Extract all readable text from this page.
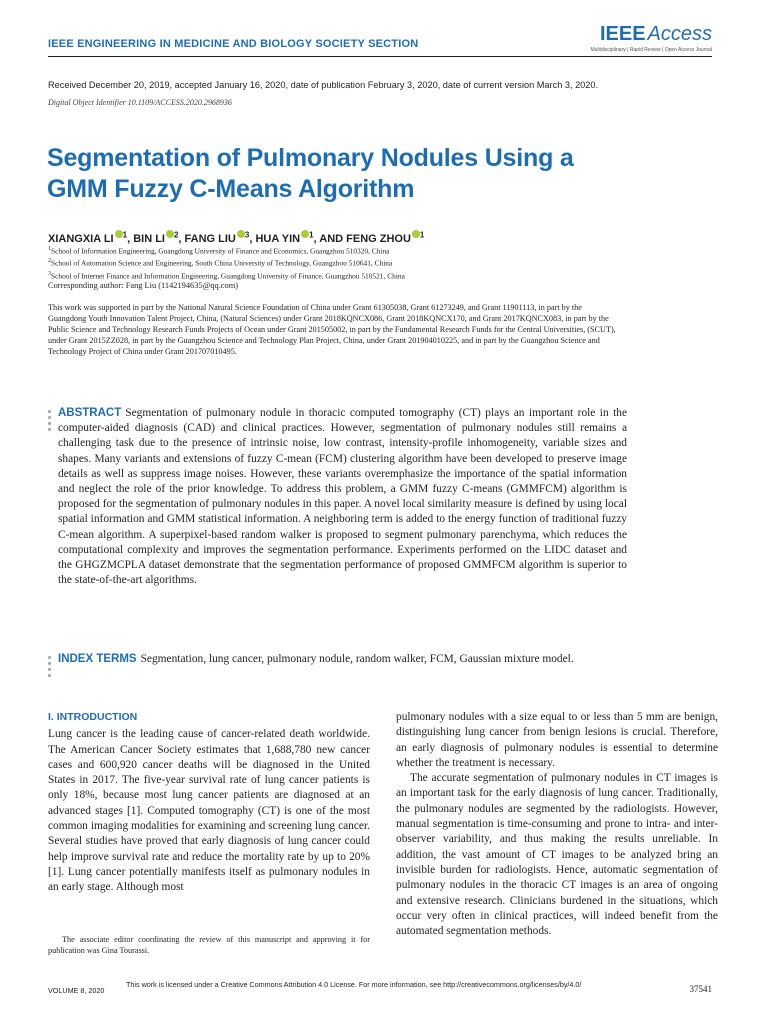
IEEE ENGINEERING IN MEDICINE AND BIOLOGY SOCIETY SECTION	IEEE Access
Multidisciplinary | Rapid Review | Open Access Journal
Received December 20, 2019, accepted January 16, 2020, date of publication February 3, 2020, date of current version March 3, 2020.
Digital Object Identifier 10.1109/ACCESS.2020.2968936
Segmentation of Pulmonary Nodules Using a
GMM Fuzzy C-Means Algorithm
XIANGXIA LI $^1$, BIN LI $^2$, FANG LIU $^3$, HUA YIN $^1$, AND FENG ZHOU $^1$
$^1$School of Information Engineering, Guangdong University of Finance and Economics, Guangzhou 510320, China
$^2$School of Automation Science and Engineering, South China University of Technology, Guangzhou 510641, China
$^3$School of Internet Finance and Information Engineering, Guangdong University of Finance, Guangzhou 510521, China
Corresponding author: Fang Liu (1142194635@qq.com)
This work was supported in part by the National Natural Science Foundation of China under Grant 61305038, Grant 61273249, and Grant 11901113, in part by the Guangdong Youth Innovation Talent Project, China, (Natural Sciences) under Grant 2018KQNCX086, Grant 2018KQNCX170, and Grant 2017KQNCX083, in part by the Public Science and Technology Research Funds Projects of Ocean under Grant 201505002, in part by the Fundamental Research Funds for the Central Universities, (SCUT), under Grant 2015ZZ028, in part by the Guangzhou Science and Technology Plan Project, China, under Grant 201904010225, and in part by the Guangzhou Science and Technology Project of China under Grant 201707010495.
ABSTRACT Segmentation of pulmonary nodule in thoracic computed tomography (CT) plays an important role in the computer-aided diagnosis (CAD) and clinical practices. However, segmentation of pulmonary nodules still remains a challenging task due to the presence of intrinsic noise, low contrast, intensity-profile inhomogeneity, variable sizes and shapes. Many variants and extensions of fuzzy C-mean (FCM) clustering algorithm have been developed to preserve image details as well as suppress image noises. However, these variants overemphasize the importance of the spatial information and neglect the role of the prior knowledge. To address this problem, a GMM fuzzy C-means (GMMFCM) algorithm is proposed for the segmentation of pulmonary nodules in this paper. A novel local similarity measure is defined by using local spatial information and GMM statistical information. A neighboring term is added to the energy function of traditional fuzzy C-mean algorithm. A superpixel-based random walker is proposed to segment pulmonary parenchyma, which reduces the computational complexity and improves the segmentation performance. Experiments performed on the LIDC dataset and the GHGZMCPLA dataset demonstrate that the segmentation performance of proposed GMMFCM algorithm is superior to the state-of-the-art algorithms.
INDEX TERMS Segmentation, lung cancer, pulmonary nodule, random walker, FCM, Gaussian mixture model.
I. INTRODUCTION

Lung cancer is the leading cause of cancer-related death worldwide. The American Cancer Society estimates that 1,688,780 new cancer cases and 600,920 cancer deaths will be diagnosed in the United States in 2017. The five-year survival rate of lung cancer patients is only 18%, because most lung cancer patients are diagnosed at an advanced stages [1]. Computed tomography (CT) is one of the most common imaging modalities for examining and screening lung cancer. Several studies have proved that early diagnosis of lung cancer could help improve survival rate and reduce the mortality rate by up to 20% [1]. Lung cancer potentially manifests itself as pulmonary nodules in an early stage. Although most

pulmonary nodules with a size equal to or less than 5 mm are benign, distinguishing lung cancer from benign lesions is crucial. Therefore, an early diagnosis of pulmonary nodules is essential to determine whether the treatment is necessary.

The accurate segmentation of pulmonary nodules in CT images is an important task for the early diagnosis of lung cancer. Traditionally, the pulmonary nodules are segmented by the radiologists. However, manual segmentation is time-consuming and prone to intra- and inter-observer variability, and thus making the results unreliable. In addition, the vast amount of CT images to be analyzed bring an invisible burden for radiologists. Hence, automatic segmentation of pulmonary nodules in the thoracic CT images is an area of ongoing and extensive research. Clinicians burdened in the situations, which occur very often in clinical practices, will indeed benefit from the automated segmentation methods.

The associate editor coordinating the review of this manuscript and approving it for publication was Gina Tourassi.
VOLUME 8, 2020
This work is licensed under a Creative Commons Attribution 4.0 License. For more information, see http://creativecommons.org/licenses/by/4.0/	37541
